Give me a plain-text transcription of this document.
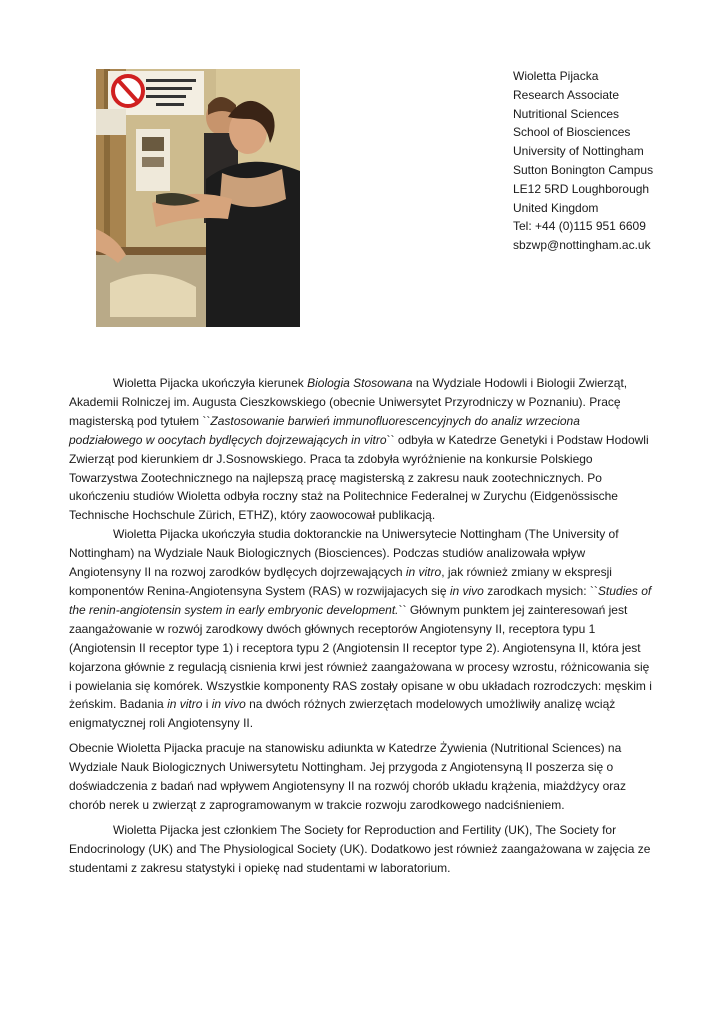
Wioletta Pijacka
Research Associate
Nutritional Sciences
School of Biosciences
University of Nottingham
Sutton Bonington Campus
LE12 5RD Loughborough
United Kingdom
Tel: +44 (0)115 951 6609
sbzwp@nottingham.ac.uk

Wioletta Pijacka ukończyła kierunek Biologia Stosowana na Wydziale Hodowli i Biologii Zwierząt, Akademii Rolniczej im. Augusta Cieszkowskiego (obecnie Uniwersytet Przyrodniczy w Poznaniu). Pracę magisterską pod tytułem ``Zastosowanie barwień immunofluorescencyjnych do analiz wrzeciona podziałowego w oocytach bydlęcych dojrzewających in vitro`` odbyła w Katedrze Genetyki i Podstaw Hodowli Zwierząt pod kierunkiem dr J.Sosnowskiego. Praca ta zdobyła wyróżnienie na konkursie Polskiego Towarzystwa Zootechnicznego na najlepszą pracę magisterską z zakresu nauk zootechnicznych. Po ukończeniu studiów Wioletta odbyła roczny staż na Politechnice Federalnej w Zurychu (Eidgenössische Technische Hochschule Zürich, ETHZ), który zaowocował publikacją.

Wioletta Pijacka ukończyła studia doktoranckie na Uniwersytecie Nottingham (The University of Nottingham) na Wydziale Nauk Biologicznych (Biosciences). Podczas studiów analizowała wpływ Angiotensyny II na rozwoj zarodków bydlęcych dojrzewających in vitro, jak również zmiany w ekspresji komponentów Renina-Angiotensyna System (RAS) w rozwijajacych się in vivo zarodkach mysich: ``Studies of the renin-angiotensin system in early embryonic development.`` Głównym punktem jej zainteresowań jest zaangażowanie w rozwój zarodkowy dwóch głównych receptorów Angiotensyny II, receptora typu 1 (Angiotensin II receptor type 1) i receptora typu 2 (Angiotensin II receptor type 2). Angiotensyna II, która jest kojarzona głównie z regulacją cisnienia krwi jest również zaangażowana w procesy wzrostu, różnicowania się i powielania się komórek. Wszystkie komponenty RAS zostały opisane w obu układach rozrodczych: męskim i żeńskim. Badania in vitro i in vivo na dwóch różnych zwierzętach modelowych umożliwiły analizę wciąż enigmatycznej roli Angiotensyny II.

Obecnie Wioletta Pijacka pracuje na stanowisku adiunkta w Katedrze Żywienia (Nutritional Sciences) na Wydziale Nauk Biologicznych Uniwersytetu Nottingham. Jej przygoda z Angiotensyną II poszerza się o doświadczenia z badań nad wpływem Angiotensyny II na rozwój chorób układu krążenia, miażdżycy oraz chorób nerek u zwierząt z zaprogramowanym w trakcie rozwoju zarodkowego nadciśnieniem.

Wioletta Pijacka jest członkiem The Society for Reproduction and Fertility (UK), The Society for Endocrinology (UK) and The Physiological Society (UK). Dodatkowo jest również zaangażowana w zajęcia ze studentami z zakresu statystyki i opiekę nad studentami w laboratorium.
